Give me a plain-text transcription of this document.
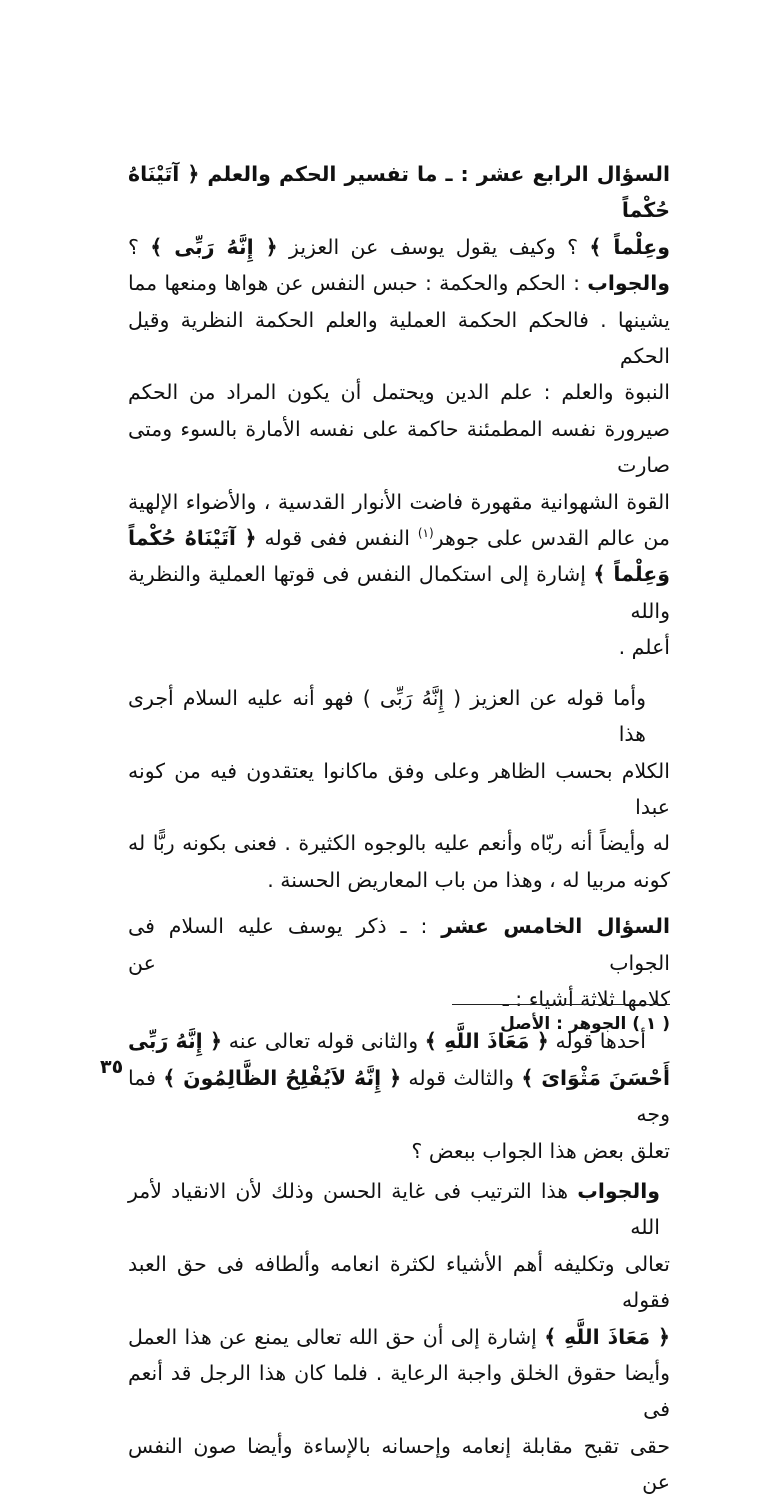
السؤال الرابع عشر : ـ ما تفسير الحكم والعلم ﴿ آتَيْنَاهُ حُكْماً
وعِلْماً ﴾ ؟ وكيف يقول يوسف عن العزيز ﴿ إِنَّهُ رَبِّى ﴾ ؟
والجواب : الحكم والحكمة : حبس النفس عن هواها ومنعها مما
يشينها . فالحكم الحكمة العملية والعلم الحكمة النظرية وقيل الحكم
النبوة والعلم : علم الدين ويحتمل أن يكون المراد من الحكم
صيرورة نفسه المطمئنة حاكمة على نفسه الأمارة بالسوء ومتى صارت
القوة الشهوانية مقهورة فاضت الأنوار القدسية ، والأضواء الإلهية
من عالم القدس على جوهر$^{(١)}$ النفس ففى قوله ﴿ آتَيْنَاهُ حُكْماً
وَعِلْماً ﴾ إشارة إلى استكمال النفس فى قوتها العملية والنظرية والله
أعلم .
وأما قوله عن العزيز ( إِنَّهُ رَبِّى ) فهو أنه عليه السلام أجرى هذا
الكلام بحسب الظاهر وعلى وفق ماكانوا يعتقدون فيه من كونه عبدا
له وأيضاً أنه ربّاه وأنعم عليه بالوجوه الكثيرة . فعنى بكونه ربًّا له
كونه مربيا له ، وهذا من باب المعاريض الحسنة .
السؤال الخامس عشر : ـ ذكر يوسف عليه السلام فى الجواب عن
كلامها ثلاثة أشياء : ـ
أحدها قوله ﴿ مَعَاذَ اللَّهِ ﴾ والثانى قوله تعالى عنه ﴿ إِنَّهُ رَبِّى
أَحْسَنَ مَثْوَاىَ ﴾ والثالث قوله ﴿ إِنَّهُ لاَيُفْلِحُ الظَّالِمُونَ ﴾ فما وجه
تعلق بعض هذا الجواب ببعض ؟
والجواب هذا الترتيب فى غاية الحسن وذلك لأن الانقياد لأمر الله
تعالى وتكليفه أهم الأشياء لكثرة انعامه وألطافه فى حق العبد فقوله
﴿ مَعَاذَ اللَّهِ ﴾ إشارة إلى أن حق الله تعالى يمنع عن هذا العمل
وأيضا حقوق الخلق واجبة الرعاية . فلما كان هذا الرجل قد أنعم فى
حقى تقبح مقابلة إنعامه وإحسانه بالإساءة وأيضا صون النفس عن
( ١ ) الجوهر : الأصل
٣٥
